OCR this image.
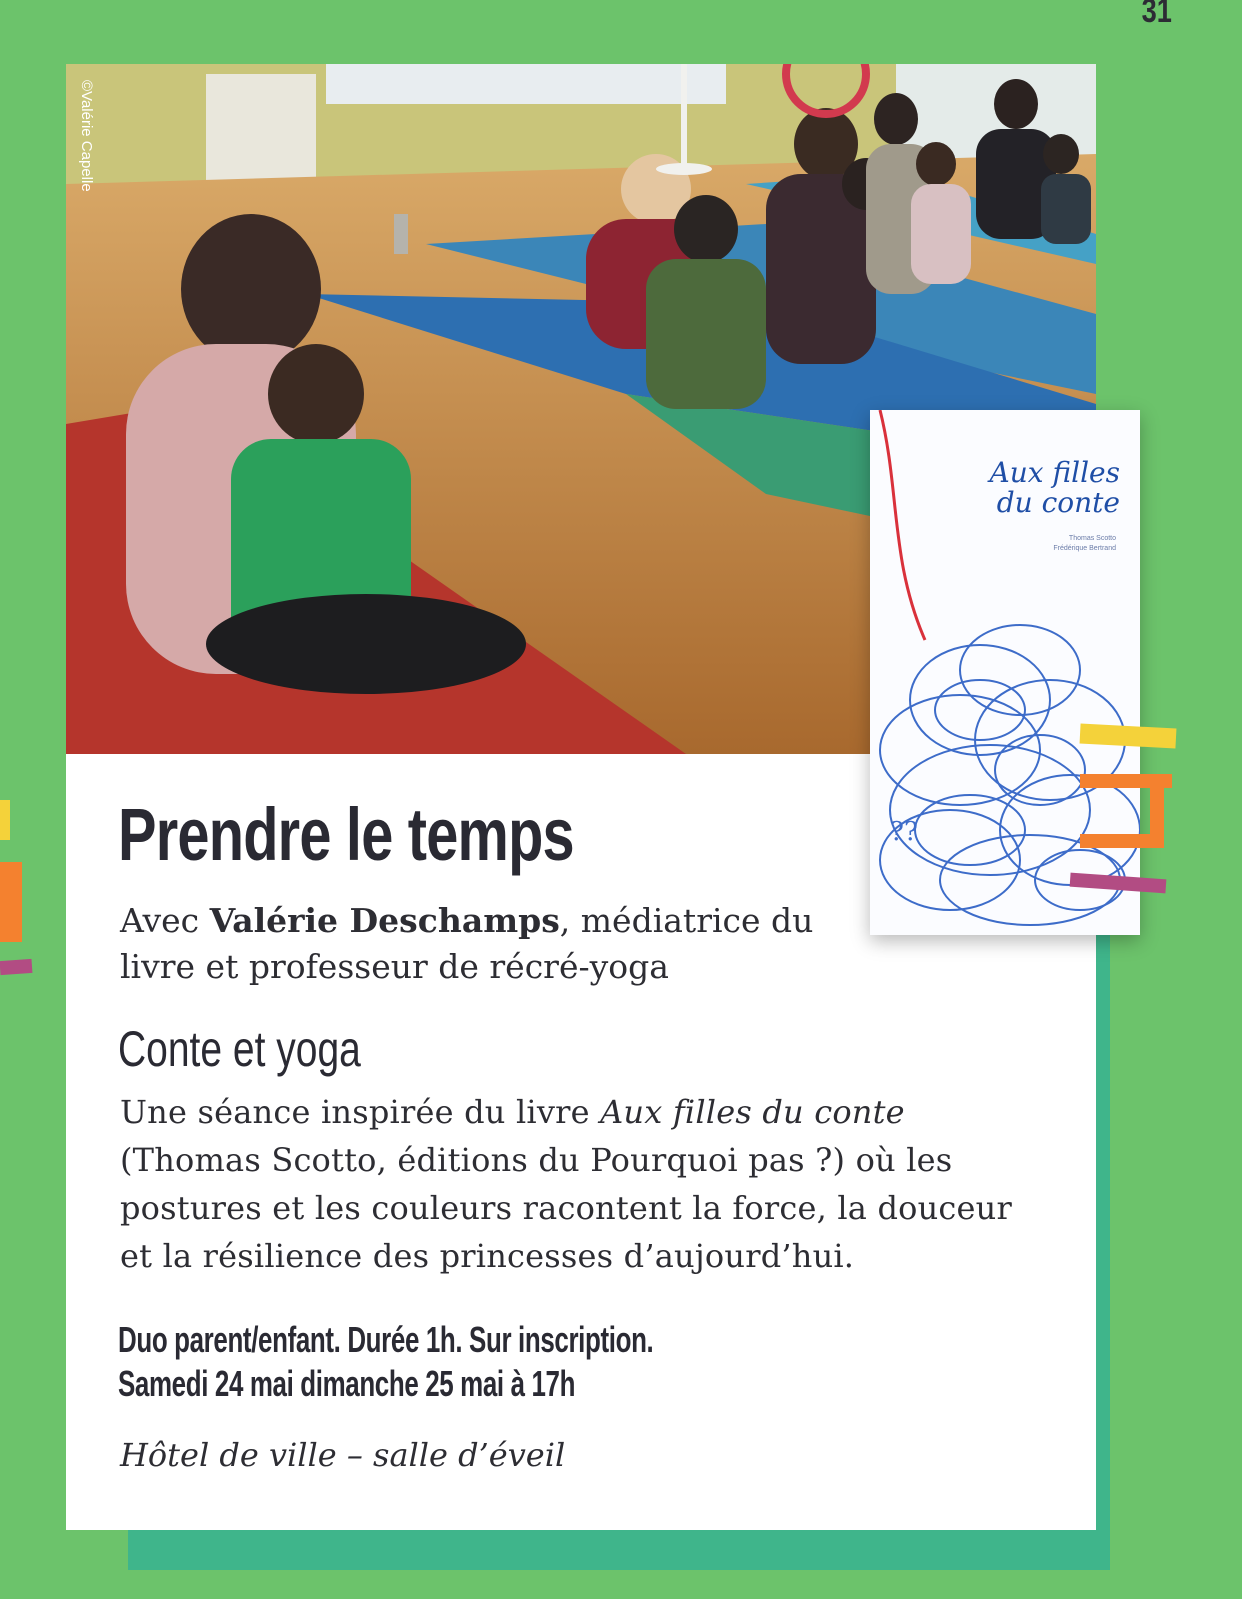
31
©Valérie Capelle
??
Aux filles
du conte
Thomas Scotto
Frédérique Bertrand
Prendre le temps
Avec Valérie Deschamps, médiatrice du livre et professeur de récré-yoga
Conte et yoga
Une séance inspirée du livre Aux filles du conte (Thomas Scotto, éditions du Pourquoi pas ?) où les postures et les couleurs racontent la force, la douceur et la résilience des princesses d’aujourd’hui.
Duo parent/enfant. Durée 1h. Sur inscription.
Samedi 24 mai dimanche 25 mai à 17h
Hôtel de ville – salle d’éveil
